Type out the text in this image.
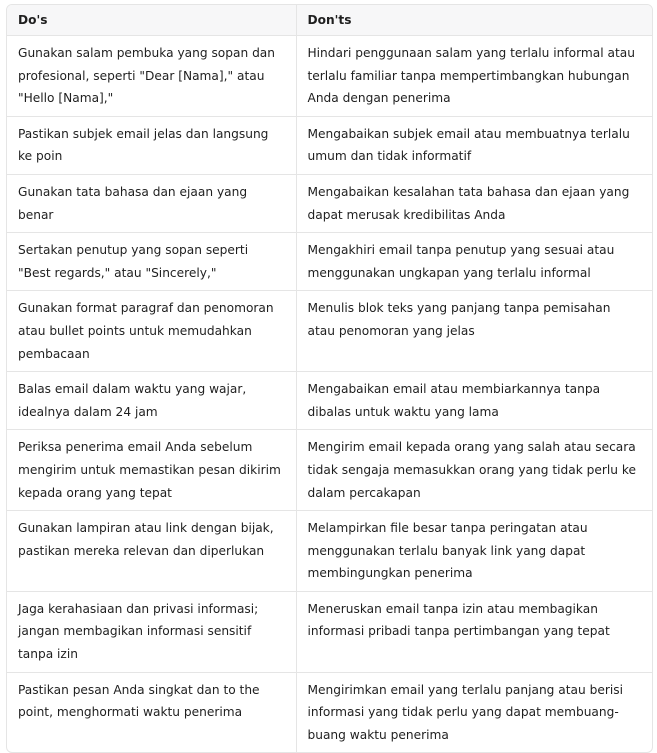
Do's	Don'ts
Gunakan salam pembuka yang sopan dan profesional, seperti "Dear [Nama]," atau "Hello [Nama],"	Hindari penggunaan salam yang terlalu informal atau terlalu familiar tanpa mempertimbangkan hubungan Anda dengan penerima
Pastikan subjek email jelas dan langsung ke poin	Mengabaikan subjek email atau membuatnya terlalu umum dan tidak informatif
Gunakan tata bahasa dan ejaan yang benar	Mengabaikan kesalahan tata bahasa dan ejaan yang dapat merusak kredibilitas Anda
Sertakan penutup yang sopan seperti "Best regards," atau "Sincerely,"	Mengakhiri email tanpa penutup yang sesuai atau menggunakan ungkapan yang terlalu informal
Gunakan format paragraf dan penomoran atau bullet points untuk memudahkan pembacaan	Menulis blok teks yang panjang tanpa pemisahan atau penomoran yang jelas
Balas email dalam waktu yang wajar, idealnya dalam 24 jam	Mengabaikan email atau membiarkannya tanpa dibalas untuk waktu yang lama
Periksa penerima email Anda sebelum mengirim untuk memastikan pesan dikirim kepada orang yang tepat	Mengirim email kepada orang yang salah atau secara tidak sengaja memasukkan orang yang tidak perlu ke dalam percakapan
Gunakan lampiran atau link dengan bijak, pastikan mereka relevan dan diperlukan	Melampirkan file besar tanpa peringatan atau menggunakan terlalu banyak link yang dapat membingungkan penerima
Jaga kerahasiaan dan privasi informasi; jangan membagikan informasi sensitif tanpa izin	Meneruskan email tanpa izin atau membagikan informasi pribadi tanpa pertimbangan yang tepat
Pastikan pesan Anda singkat dan to the point, menghormati waktu penerima	Mengirimkan email yang terlalu panjang atau berisi informasi yang tidak perlu yang dapat membuang-buang waktu penerima
